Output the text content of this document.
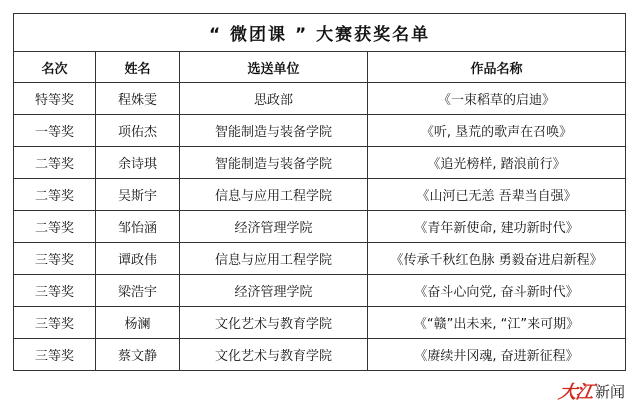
“ 微团课 ” 大赛获奖名单			
名次	姓名	选送单位	作品名称
特等奖	程姝雯	思政部	《一束稻草的启迪》
一等奖	项佑杰	智能制造与装备学院	《听, 垦荒的歌声在召唤》
二等奖	余诗琪	智能制造与装备学院	《追光榜样, 踏浪前行》
二等奖	吴斯宇	信息与应用工程学院	《山河已无恙 吾辈当自强》
二等奖	邹怡涵	经济管理学院	《青年新使命, 建功新时代》
三等奖	谭政伟	信息与应用工程学院	《传承千秋红色脉 勇毅奋进启新程》
三等奖	梁浩宇	经济管理学院	《奋斗心向党, 奋斗新时代》
三等奖	杨澜	文化艺术与教育学院	《“赣”出未来, “江”来可期》
三等奖	蔡文静	文化艺术与教育学院	《赓续井冈魂, 奋进新征程》
大江 新闻
